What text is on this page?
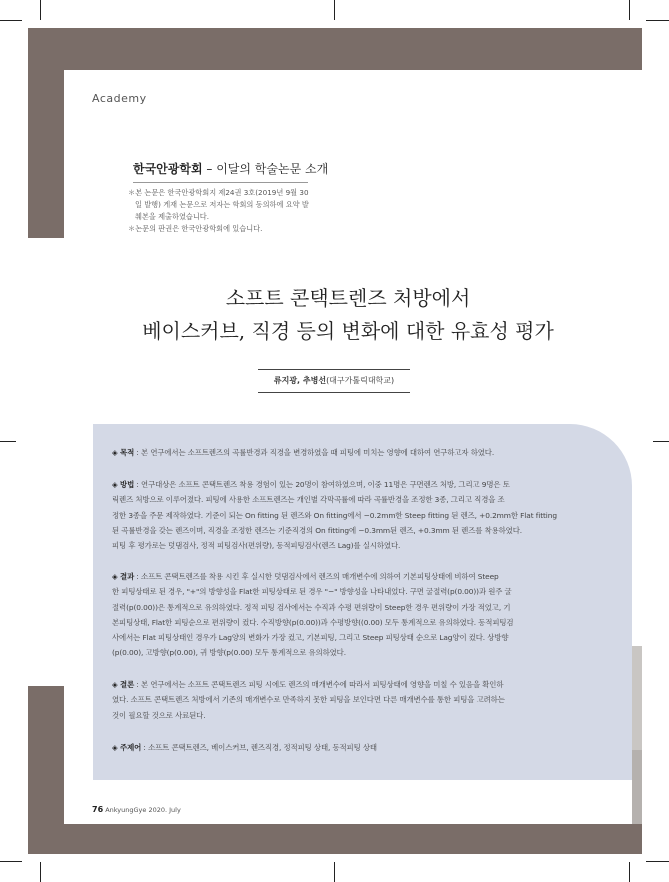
Academy
한국안광학회 – 이달의 학술논문 소개
＊본 논문은 한국안광학회지 제24권 3호(2019년 9월 30
일 발행) 게재 논문으로 저자는 학회의 동의하에 요약 발
췌본을 제출하였습니다.
＊논문의 판권은 한국안광학회에 있습니다.
소프트 콘택트렌즈 처방에서
베이스커브, 직경 등의 변화에 대한 유효성 평가
류지광, 추병선(대구가톨릭대학교)
◈ 목적 : 본 연구에서는 소프트렌즈의 곡률반경과 직경을 변경하였을 때 피팅에 미치는 영향에 대하여 연구하고자 하였다.
◈ 방법 : 연구대상은 소프트 콘택트렌즈 착용 경험이 있는 20명이 참여하였으며, 이중 11명은 구면렌즈 처방, 그리고 9명은 토
릭렌즈 처방으로 이루어졌다. 피팅에 사용한 소프트렌즈는 개인별 각막곡률에 따라 곡률반경을 조정한 3종, 그리고 직경을 조
정한 3종을 주문 제작하였다. 기준이 되는 On fitting 된 렌즈와 On fitting에서 −0.2mm한 Steep fitting 된 렌즈, +0.2mm한 Flat fitting
된 곡률반경을 갖는 렌즈이며, 직경을 조정한 렌즈는 기준직경의 On fitting에 −0.3mm된 렌즈, +0.3mm 된 렌즈를 착용하였다.
피팅 후 평가로는 덧댐검사, 정적 피팅검사(편위량), 동적피팅검사(렌즈 Lag)를 실시하였다.
◈ 결과 : 소프트 콘택트렌즈를 착용 시킨 후 실시한 덧댐검사에서 렌즈의 매개변수에 의하여 기본피팅상태에 비하여 Steep
한 피팅상태로 된 경우, "+"의 방향성을 Flat한 피팅상태로 된 경우 "−" 방향성을 나타내었다. 구면 굴절력(p(0.00))과 원주 굴
절력(p(0.00))은 통계적으로 유의하였다. 정적 피팅 검사에서는 수직과 수평 편위량이 Steep한 경우 편위량이 가장 적었고, 기
본피팅상태, Flat한 피팅순으로 편위량이 컸다. 수직방향(p(0.00))과 수평방향((0.00) 모두 통계적으로 유의하였다. 동적피팅검
사에서는 Flat 피팅상태인 경우가 Lag양의 변화가 가장 컸고, 기본피팅, 그리고 Steep 피팅상태 순으로 Lag양이 컸다. 상방향
(p(0.00), 고방향(p(0.00), 귀 방향(p(0.00) 모두 통계적으로 유의하였다.
◈ 결론 : 본 연구에서는 소프트 콘택트렌즈 피팅 시에도 렌즈의 매개변수에 따라서 피팅상태에 영향을 미칠 수 있음을 확인하
였다. 소프트 콘택트렌즈 처방에서 기존의 매개변수로 만족하지 못한 피팅을 보인다면 다른 매개변수를 통한 피팅을 고려하는
것이 필요할 것으로 사료된다.
◈ 주제어 : 소프트 콘택트렌즈, 베이스커브, 렌즈직경, 정적피팅 상태, 동적피팅 상태
76 AnkyungGye 2020. July
